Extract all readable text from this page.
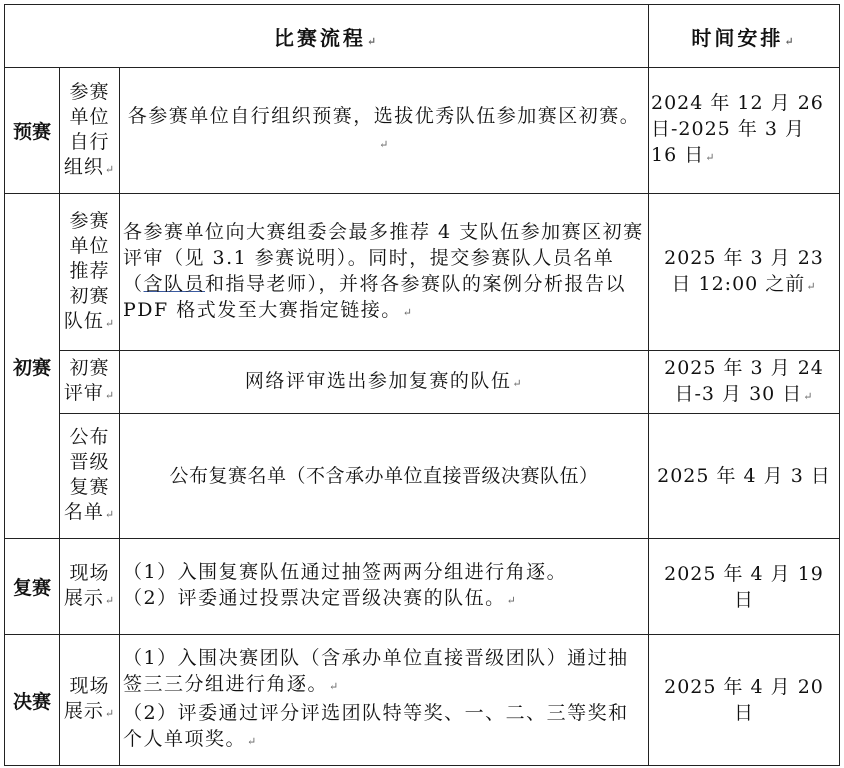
比赛流程↵			时间安排↵
预赛	参赛单位自行组织↵	各参赛单位自行组织预赛，选拔优秀队伍参加赛区初赛。↵	2024 年 12 月 26 日-2025 年 3 月 16 日↵
初赛	参赛单位推荐初赛队伍↵	各参赛单位向大赛组委会最多推荐 4 支队伍参加赛区初赛评审（见 3.1 参赛说明）。同时，提交参赛队人员名单（含队员和指导老师），并将各参赛队的案例分析报告以 PDF 格式发至大赛指定链接。↵	2025 年 3 月 23 日 12:00 之前↵
	初赛评审↵	网络评审选出参加复赛的队伍↵	2025 年 3 月 24 日-3 月 30 日↵
	公布晋级复赛名单↵	公布复赛名单（不含承办单位直接晋级决赛队伍）	2025 年 4 月 3 日
复赛	现场展示↵	（1）入围复赛队伍通过抽签两两分组进行角逐。
（2）评委通过投票决定晋级决赛的队伍。↵	2025 年 4 月 19 日
决赛	现场展示↵	（1）入围决赛团队（含承办单位直接晋级团队）通过抽签三三分组进行角逐。↵
（2）评委通过评分评选团队特等奖、一、二、三等奖和个人单项奖。↵	2025 年 4 月 20 日
